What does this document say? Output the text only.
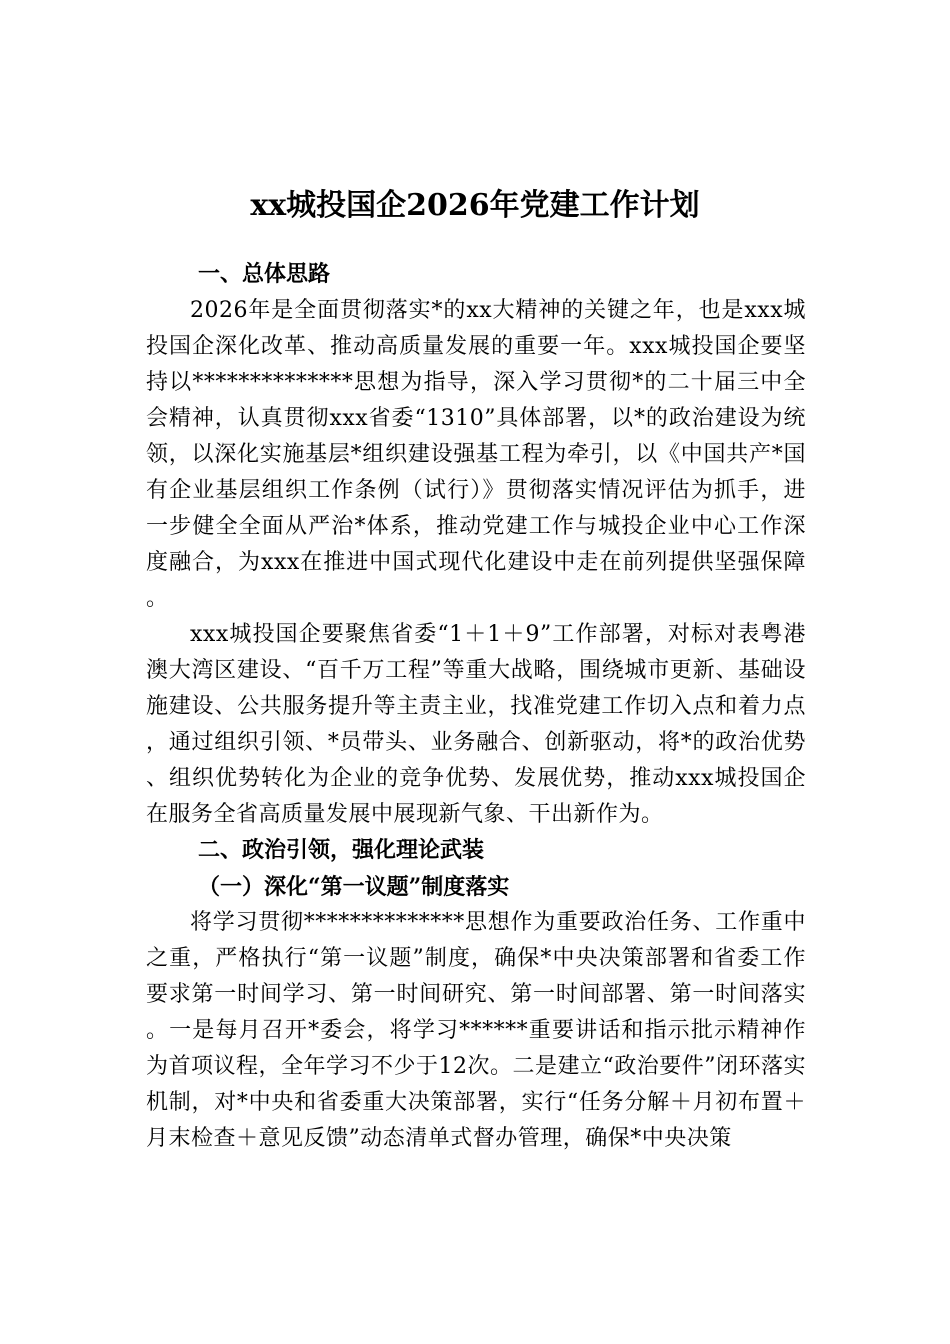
xx城投国企2026年党建工作计划
一、总体思路

2026年是全面贯彻落实*的xx大精神的关键之年，也是xxx城投国企深化改革、推动高质量发展的重要一年。xxx城投国企要坚持以**************思想为指导，深入学习贯彻*的二十届三中全会精神，认真贯彻xxx省委“1310”具体部署，以*的政治建设为统领，以深化实施基层*组织建设强基工程为牵引，以《中国共产*国有企业基层组织工作条例（试行）》贯彻落实情况评估为抓手，进一步健全全面从严治*体系，推动党建工作与城投企业中心工作深度融合，为xxx在推进中国式现代化建设中走在前列提供坚强保障。

xxx城投国企要聚焦省委“1＋1＋9”工作部署，对标对表粤港澳大湾区建设、“百千万工程”等重大战略，围绕城市更新、基础设施建设、公共服务提升等主责主业，找准党建工作切入点和着力点，通过组织引领、*员带头、业务融合、创新驱动，将*的政治优势、组织优势转化为企业的竞争优势、发展优势，推动xxx城投国企在服务全省高质量发展中展现新气象、干出新作为。

二、政治引领，强化理论武装
（一）深化“第一议题”制度落实

将学习贯彻**************思想作为重要政治任务、工作重中之重，严格执行“第一议题”制度，确保*中央决策部署和省委工作要求第一时间学习、第一时间研究、第一时间部署、第一时间落实。一是每月召开*委会，将学习******重要讲话和指示批示精神作为首项议程，全年学习不少于12次。二是建立“政治要件”闭环落实机制，对*中央和省委重大决策部署，实行“任务分解＋月初布置＋月末检查＋意见反馈”动态清单式督办管理，确保*中央决策
